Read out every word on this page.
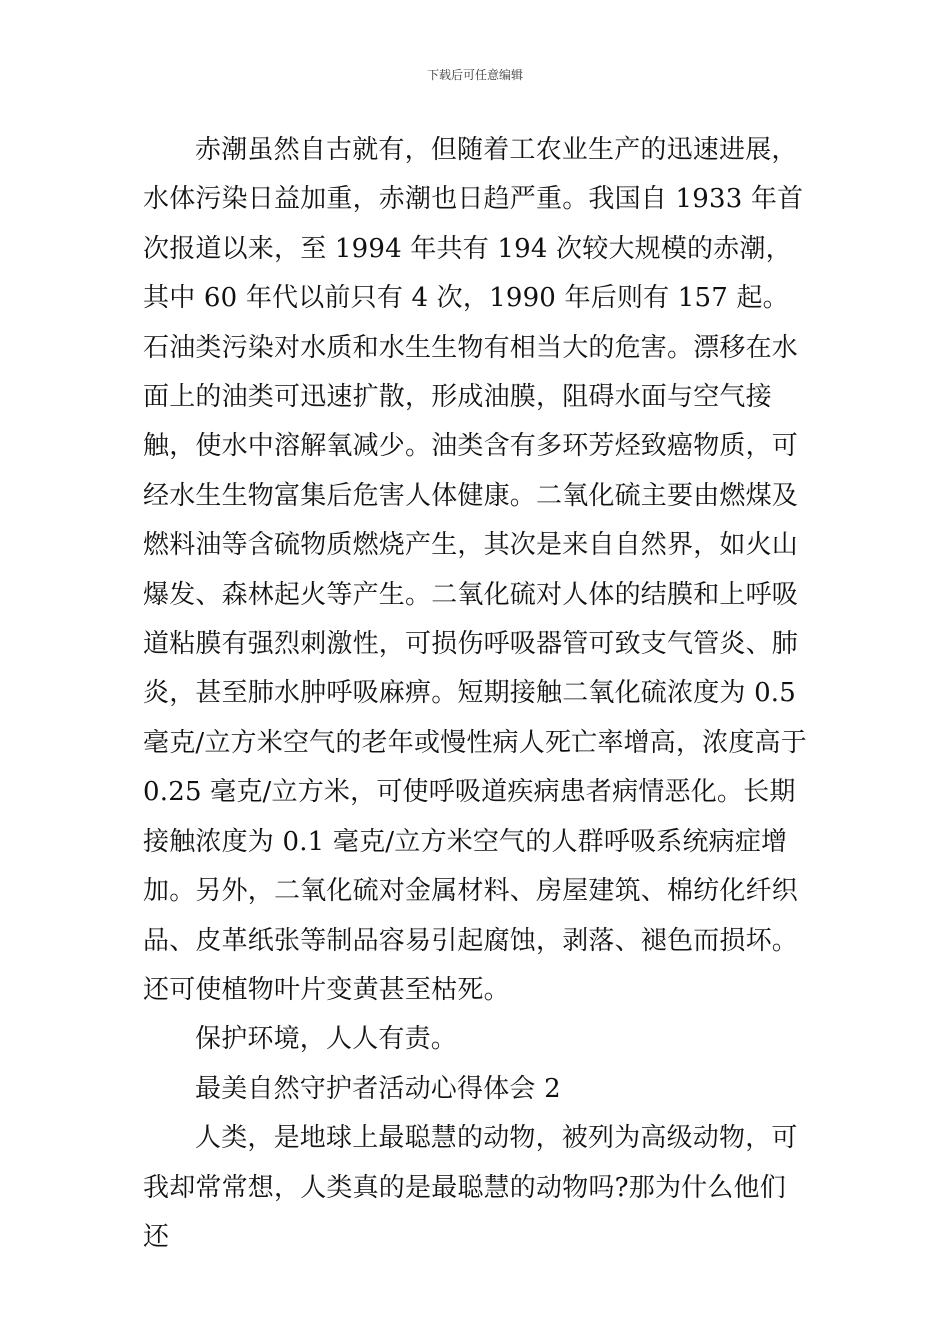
下载后可任意编辑

赤潮虽然自古就有，但随着工农业生产的迅速进展，水体污染日益加重，赤潮也日趋严重。我国自 1933 年首次报道以来，至 1994 年共有 194 次较大规模的赤潮，其中 60 年代以前只有 4 次，1990 年后则有 157 起。石油类污染对水质和水生生物有相当大的危害。漂移在水面上的油类可迅速扩散，形成油膜，阻碍水面与空气接触，使水中溶解氧减少。油类含有多环芳烃致癌物质，可经水生生物富集后危害人体健康。二氧化硫主要由燃煤及燃料油等含硫物质燃烧产生，其次是来自自然界，如火山爆发、森林起火等产生。二氧化硫对人体的结膜和上呼吸道粘膜有强烈刺激性，可损伤呼吸器管可致支气管炎、肺炎，甚至肺水肿呼吸麻痹。短期接触二氧化硫浓度为 0.5 毫克/立方米空气的老年或慢性病人死亡率增高，浓度高于 0.25 毫克/立方米，可使呼吸道疾病患者病情恶化。长期接触浓度为 0.1 毫克/立方米空气的人群呼吸系统病症增加。另外，二氧化硫对金属材料、房屋建筑、棉纺化纤织品、皮革纸张等制品容易引起腐蚀，剥落、褪色而损坏。还可使植物叶片变黄甚至枯死。

保护环境，人人有责。

最美自然守护者活动心得体会 2

人类，是地球上最聪慧的动物，被列为高级动物，可我却常常想，人类真的是最聪慧的动物吗?那为什么他们还
